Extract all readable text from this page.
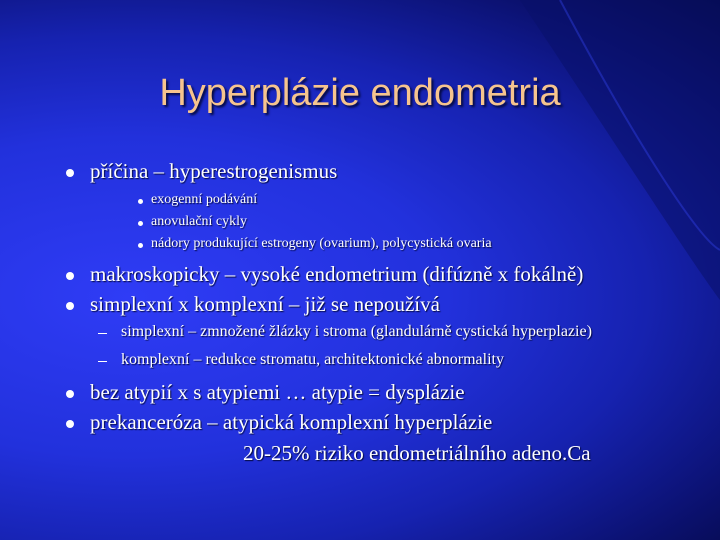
Hyperplázie endometria
příčina – hyperestrogenismus
exogenní podávání
anovulační cykly
nádory produkující estrogeny (ovarium), polycystická ovaria
makroskopicky – vysoké endometrium (difúzně x fokálně)
simplexní x komplexní – již se nepoužívá
simplexní – zmnožené žlázky i stroma (glandulárně cystická hyperplazie)
komplexní – redukce stromatu, architektonické abnormality
bez atypií x s atypiemi … atypie = dysplázie
prekanceróza – atypická komplexní hyperplázie
20-25% riziko endometriálního adeno.Ca
